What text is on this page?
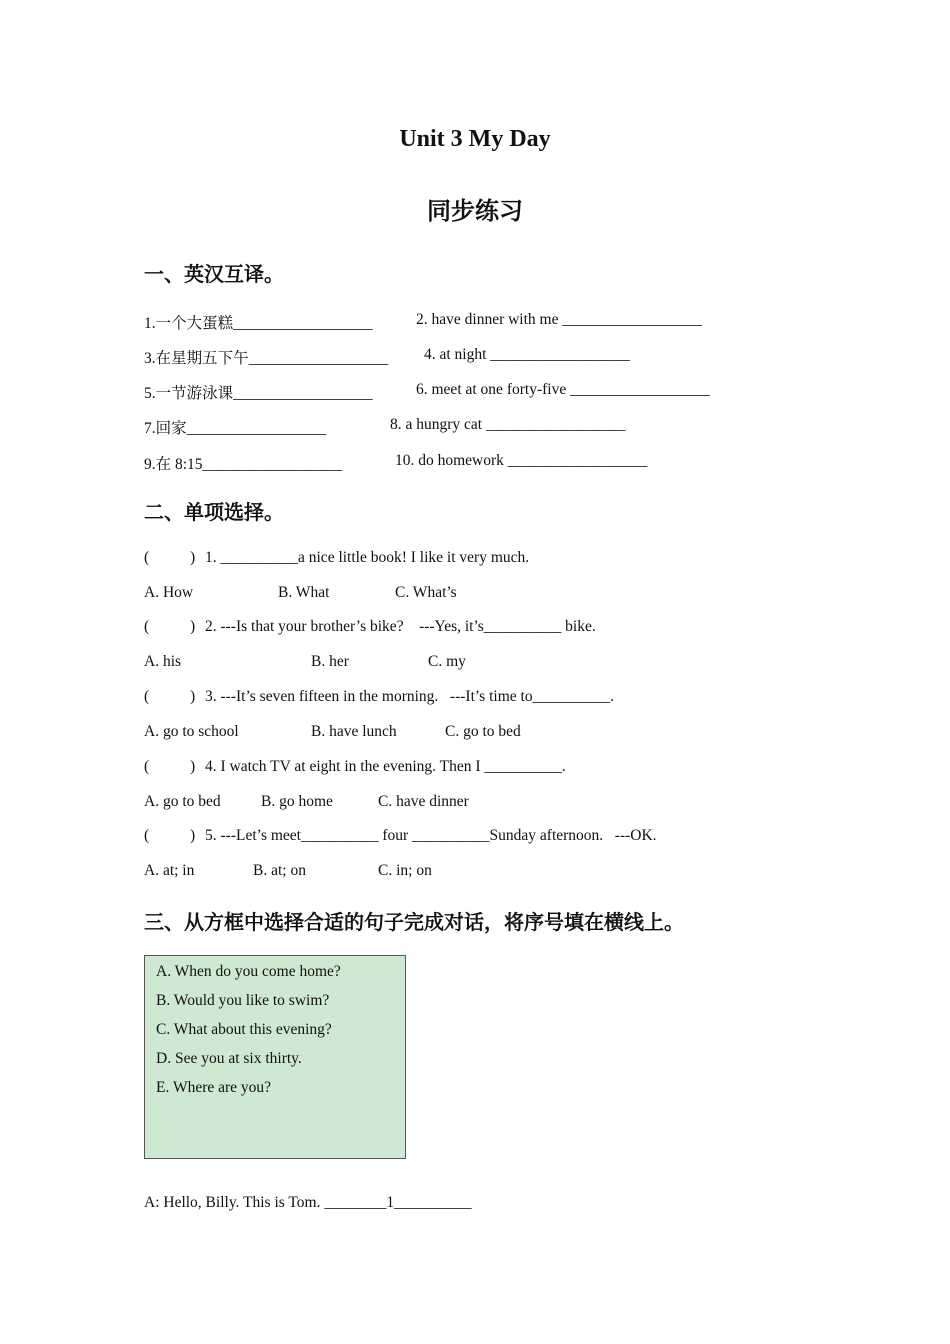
Unit 3 My Day
同步练习
一、英汉互译。
1.一个大蛋糕__________________	2. have dinner with me __________________
3.在星期五下午__________________ 4. at night __________________
5.一节游泳课__________________	6. meet at one forty-five __________________
7.回家__________________	8. a hungry cat __________________
9.在 8:15__________________	10. do homework __________________
二、单项选择。
(	) 1. __________a nice little book! I like it very much.
A. How	B. What	C. What’s
(	) 2. ---Is that your brother’s bike?    ---Yes, it’s__________ bike.
A. his	B. her	C. my
(	) 3. ---It’s seven fifteen in the morning.   ---It’s time to__________.
A. go to school	B. have lunch	C. go to bed
(	) 4. I watch TV at eight in the evening. Then I __________.
A. go to bed	B. go home	C. have dinner
(	) 5. ---Let’s meet__________ four __________Sunday afternoon.   ---OK.
A. at; in	B. at; on	C. in; on
三、从方框中选择合适的句子完成对话，将序号填在横线上。
A. When do you come home?
B. Would you like to swim?
C. What about this evening?
D. See you at six thirty.
E. Where are you?
A: Hello, Billy. This is Tom. ________1__________
